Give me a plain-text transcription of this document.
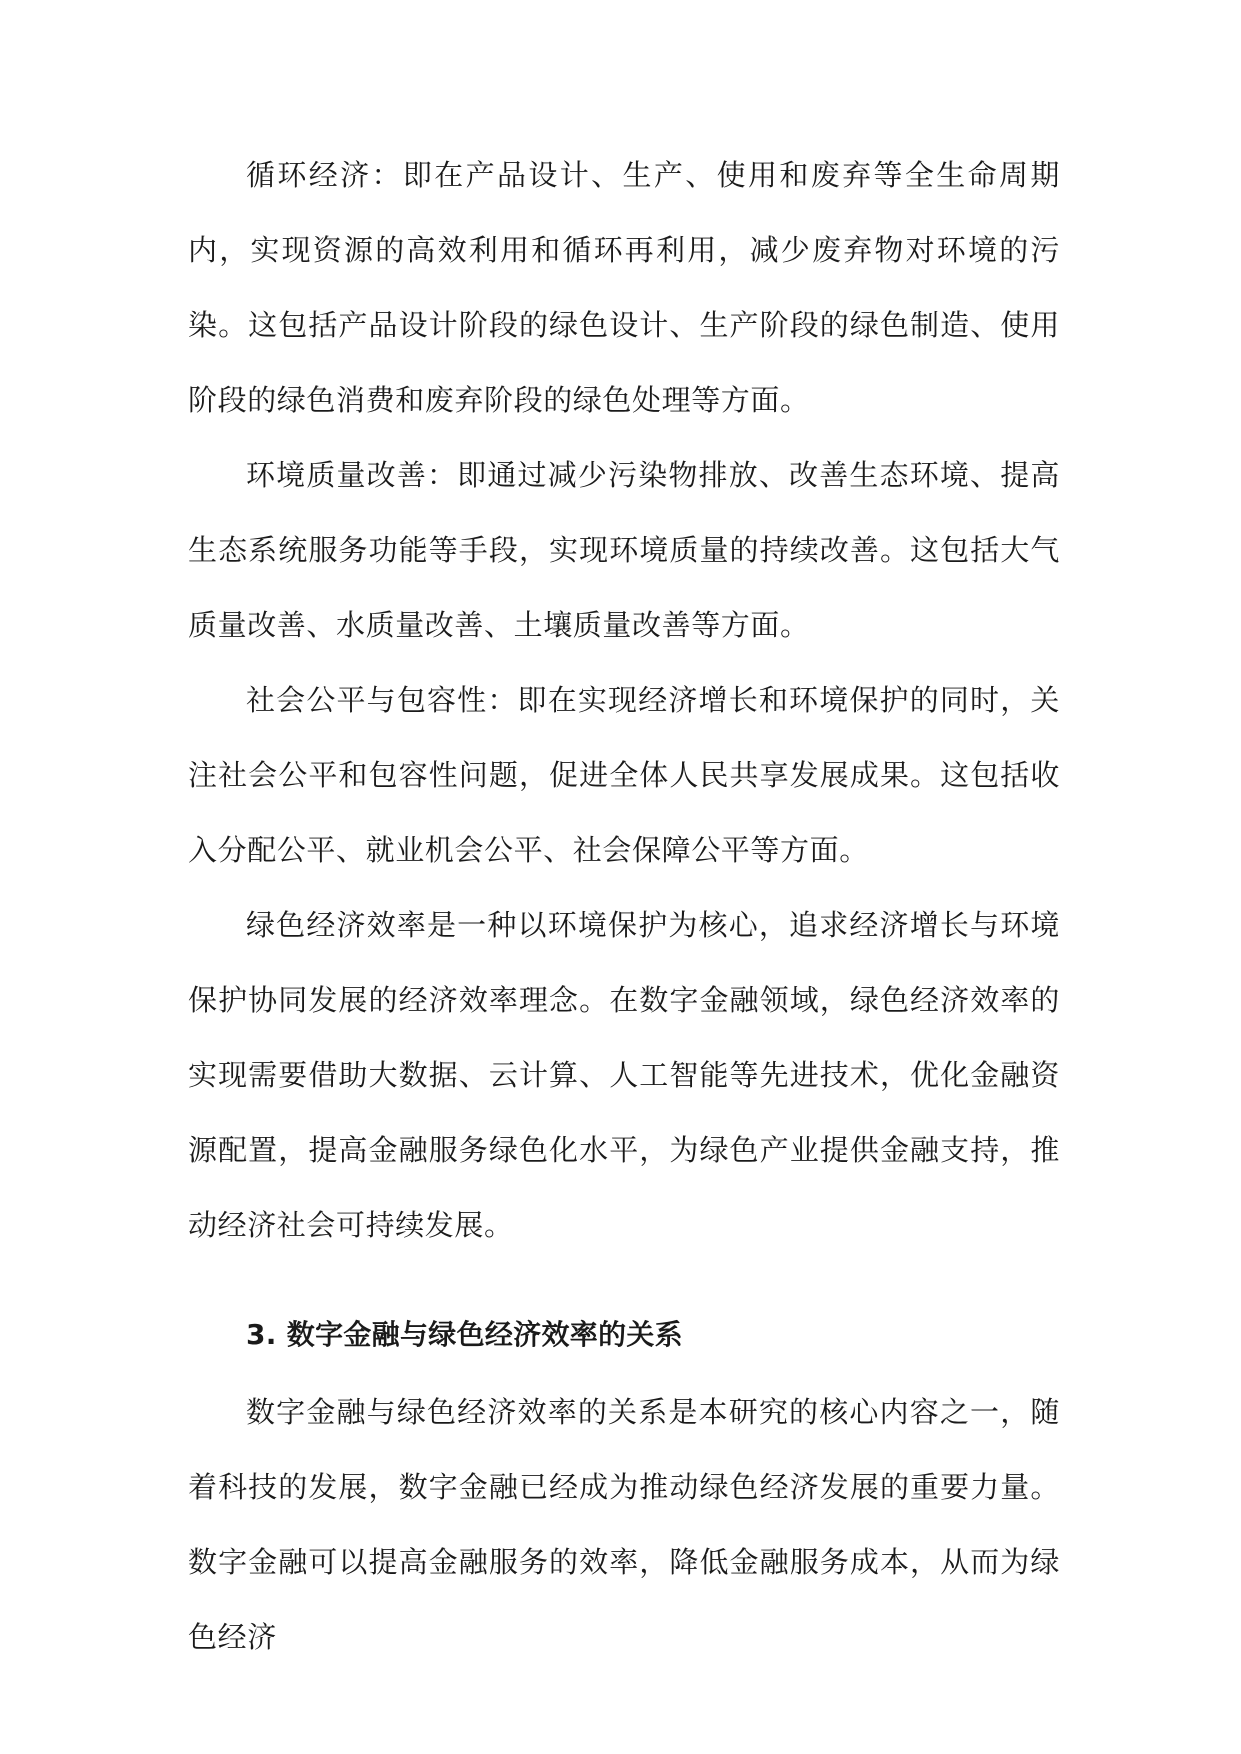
循环经济：即在产品设计、生产、使用和废弃等全生命周期内，实现资源的高效利用和循环再利用，减少废弃物对环境的污染。这包括产品设计阶段的绿色设计、生产阶段的绿色制造、使用阶段的绿色消费和废弃阶段的绿色处理等方面。

环境质量改善：即通过减少污染物排放、改善生态环境、提高生态系统服务功能等手段，实现环境质量的持续改善。这包括大气质量改善、水质量改善、土壤质量改善等方面。

社会公平与包容性：即在实现经济增长和环境保护的同时，关注社会公平和包容性问题，促进全体人民共享发展成果。这包括收入分配公平、就业机会公平、社会保障公平等方面。

绿色经济效率是一种以环境保护为核心，追求经济增长与环境保护协同发展的经济效率理念。在数字金融领域，绿色经济效率的实现需要借助大数据、云计算、人工智能等先进技术，优化金融资源配置，提高金融服务绿色化水平，为绿色产业提供金融支持，推动经济社会可持续发展。

3. 数字金融与绿色经济效率的关系

数字金融与绿色经济效率的关系是本研究的核心内容之一，随着科技的发展，数字金融已经成为推动绿色经济发展的重要力量。数字金融可以提高金融服务的效率，降低金融服务成本，从而为绿色经济
